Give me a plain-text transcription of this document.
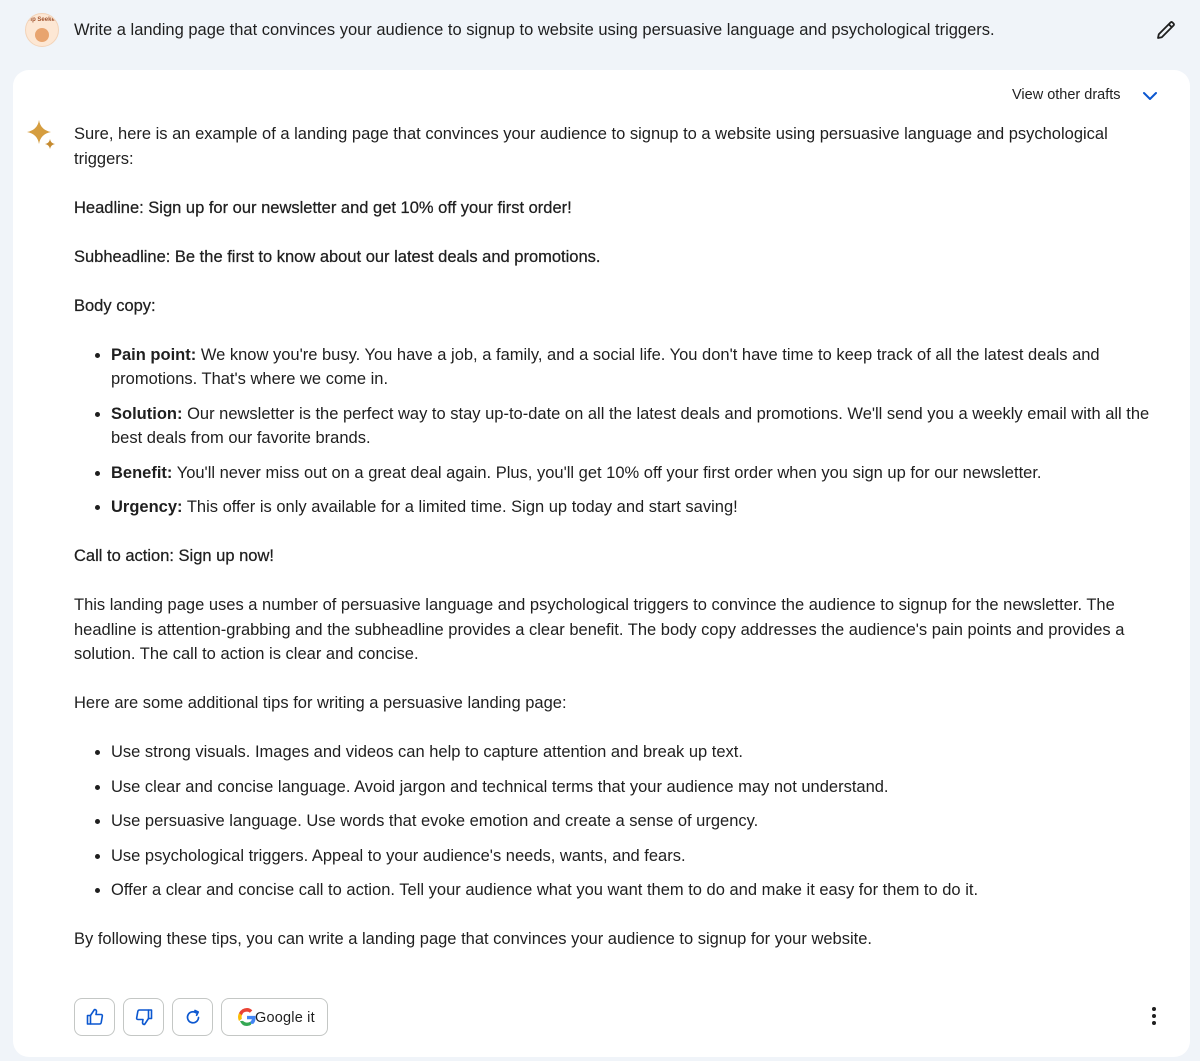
Tip Seeker
Write a landing page that convinces your audience to signup to website using persuasive language and psychological triggers.
View other drafts

Sure, here is an example of a landing page that convinces your audience to signup to a website using persuasive language and psychological triggers:

Headline: Sign up for our newsletter and get 10% off your first order!

Subheadline: Be the first to know about our latest deals and promotions.

Body copy:

• Pain point: We know you're busy. You have a job, a family, and a social life. You don't have time to keep track of all the latest deals and promotions. That's where we come in.
• Solution: Our newsletter is the perfect way to stay up-to-date on all the latest deals and promotions. We'll send you a weekly email with all the best deals from our favorite brands.
• Benefit: You'll never miss out on a great deal again. Plus, you'll get 10% off your first order when you sign up for our newsletter.
• Urgency: This offer is only available for a limited time. Sign up today and start saving!

Call to action: Sign up now!

This landing page uses a number of persuasive language and psychological triggers to convince the audience to signup for the newsletter. The headline is attention-grabbing and the subheadline provides a clear benefit. The body copy addresses the audience's pain points and provides a solution. The call to action is clear and concise.

Here are some additional tips for writing a persuasive landing page:

• Use strong visuals. Images and videos can help to capture attention and break up text.
• Use clear and concise language. Avoid jargon and technical terms that your audience may not understand.
• Use persuasive language. Use words that evoke emotion and create a sense of urgency.
• Use psychological triggers. Appeal to your audience's needs, wants, and fears.
• Offer a clear and concise call to action. Tell your audience what you want them to do and make it easy for them to do it.

By following these tips, you can write a landing page that convinces your audience to signup for your website.

Google it
